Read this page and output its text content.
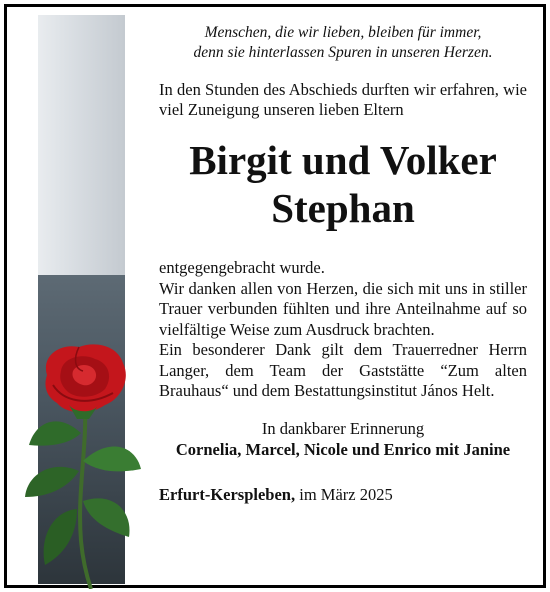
Menschen, die wir lieben, bleiben für immer,
denn sie hinterlassen Spuren in unseren Herzen.

In den Stunden des Abschieds durften wir erfahren, wie viel Zuneigung unseren lieben Eltern

Birgit und Volker
Stephan

entgegengebracht wurde.

Wir danken allen von Herzen, die sich mit uns in stiller Trauer verbunden fühlten und ihre Anteilnahme auf so vielfältige Weise zum Ausdruck brachten.

Ein besonderer Dank gilt dem Trauerredner Herrn Langer, dem Team der Gaststätte “Zum alten Brauhaus“ und dem Bestattungsinstitut János Helt.

In dankbarer Erinnerung

Cornelia, Marcel, Nicole und Enrico mit Janine

Erfurt-Kerspleben, im März 2025
